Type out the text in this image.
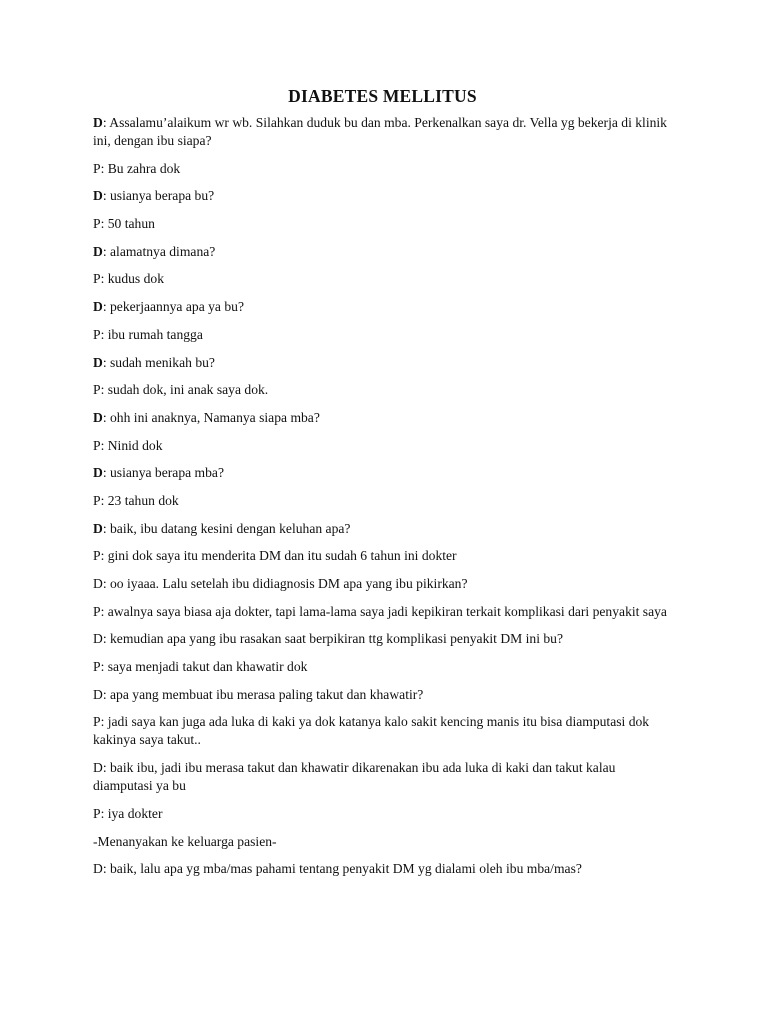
DIABETES MELLITUS
D: Assalamu’alaikum wr wb. Silahkan duduk bu dan mba. Perkenalkan saya dr. Vella yg bekerja di klinik ini, dengan ibu siapa?
P: Bu zahra dok
D: usianya berapa bu?
P: 50 tahun
D: alamatnya dimana?
P: kudus dok
D: pekerjaannya apa ya bu?
P: ibu rumah tangga
D: sudah menikah bu?
P: sudah dok, ini anak saya dok.
D: ohh ini anaknya, Namanya siapa mba?
P: Ninid dok
D: usianya berapa mba?
P: 23 tahun dok
D: baik, ibu datang kesini dengan keluhan apa?
P: gini dok saya itu menderita DM dan itu sudah 6 tahun ini dokter
D: oo iyaaa. Lalu setelah ibu didiagnosis DM apa yang ibu pikirkan?
P: awalnya saya biasa aja dokter, tapi lama-lama saya jadi kepikiran terkait komplikasi dari penyakit saya
D: kemudian apa yang ibu rasakan saat berpikiran ttg komplikasi penyakit DM ini bu?
P: saya menjadi takut dan khawatir dok
D: apa yang membuat ibu merasa paling takut dan khawatir?
P: jadi saya kan juga ada luka di kaki ya dok katanya kalo sakit kencing manis itu bisa diamputasi dok kakinya saya takut..
D: baik ibu, jadi ibu merasa takut dan khawatir dikarenakan ibu ada luka di kaki dan takut kalau diamputasi ya bu
P: iya dokter
-Menanyakan ke keluarga pasien-
D: baik, lalu apa yg mba/mas pahami tentang penyakit DM yg dialami oleh ibu mba/mas?
